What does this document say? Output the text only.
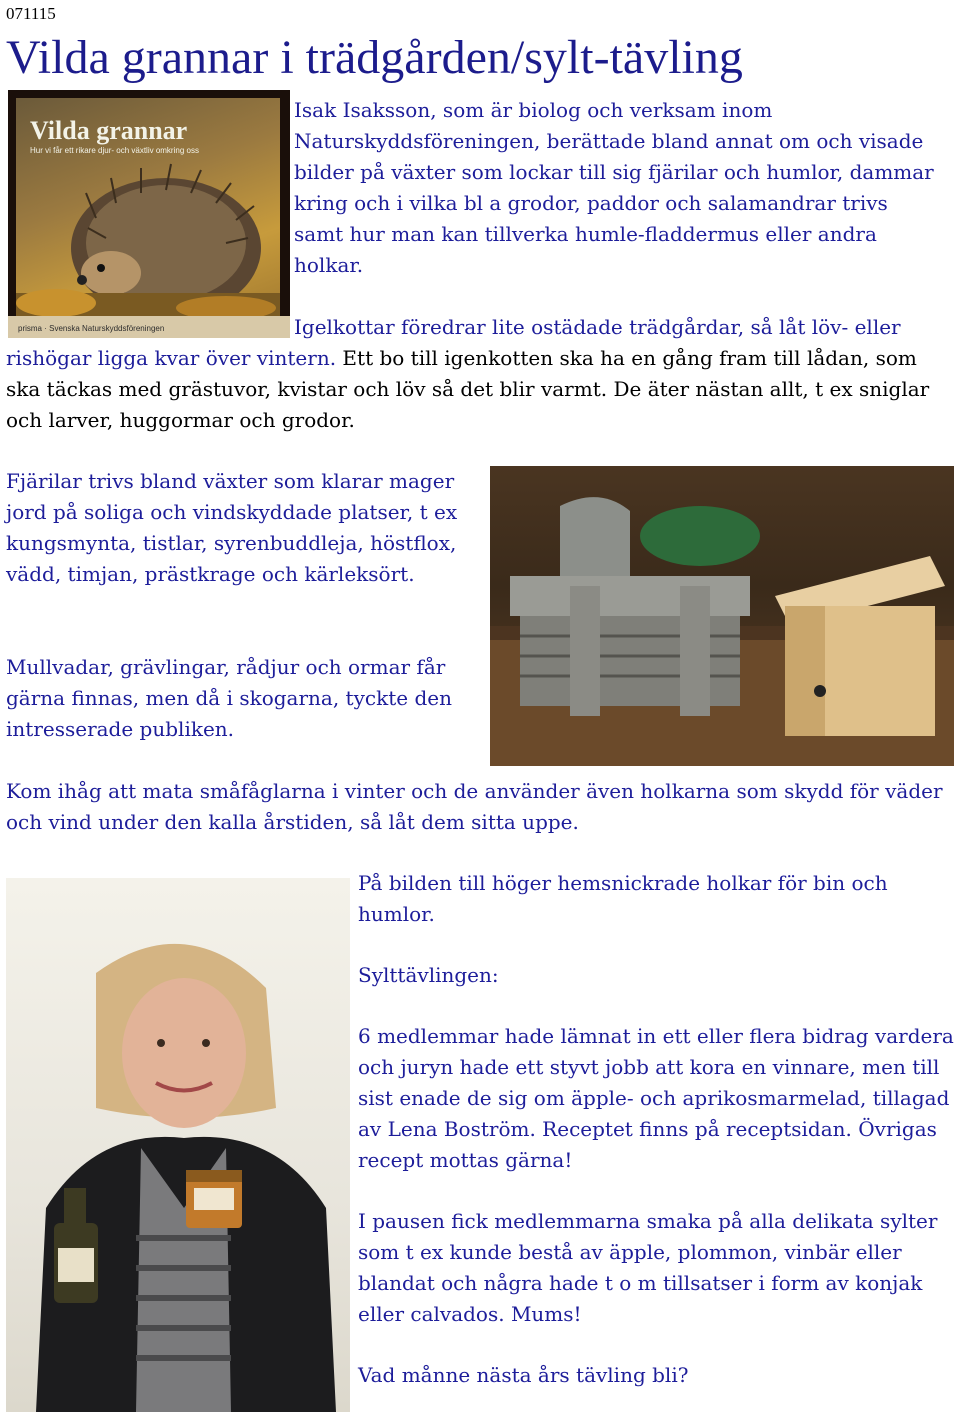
071115
Vilda grannar i trädgården/sylt-tävling
Vilda grannar
Hur vi får ett rikare djur- och växtliv omkring oss
prisma · Svenska Naturskyddsföreningen

Isak Isaksson, som är biolog och verksam inom Naturskyddsföreningen, berättade bland annat om och visade bilder på växter som lockar till sig fjärilar och humlor, dammar kring och i vilka bl a grodor, paddor och salamandrar trivs samt hur man kan tillverka humle-fladdermus eller andra holkar.

Igelkottar föredrar lite ostädade trädgårdar, så låt löv- eller

rishögar ligga kvar över vintern. Ett bo till igenkotten ska ha en gång fram till lådan, som ska täckas med grästuvor, kvistar och löv så det blir varmt. De äter nästan allt, t ex sniglar och larver, huggormar och grodor.

Fjärilar trivs bland växter som klarar mager jord på soliga och vindskyddade platser, t ex kungsmynta, tistlar, syrenbuddleja, höstflox, vädd, timjan, prästkrage och kärleksört.

Mullvadar, grävlingar, rådjur och ormar får gärna finnas, men då i skogarna, tyckte den intresserade publiken.

Kom ihåg att mata småfåglarna i vinter och de använder även holkarna som skydd för väder och vind under den kalla årstiden, så låt dem sitta uppe.

På bilden till höger hemsnickrade holkar för bin och humlor.

Sylttävlingen:

6 medlemmar hade lämnat in ett eller flera bidrag vardera och juryn hade ett styvt jobb att kora en vinnare, men till sist enade de sig om äpple- och aprikosmarmelad, tillagad av Lena Boström. Receptet finns på receptsidan. Övrigas recept mottas gärna!

I pausen fick medlemmarna smaka på alla delikata sylter som t ex kunde bestå av äpple, plommon, vinbär eller blandat och några hade t o m tillsatser i form av konjak eller calvados. Mums!

Vad månne nästa års tävling bli?
